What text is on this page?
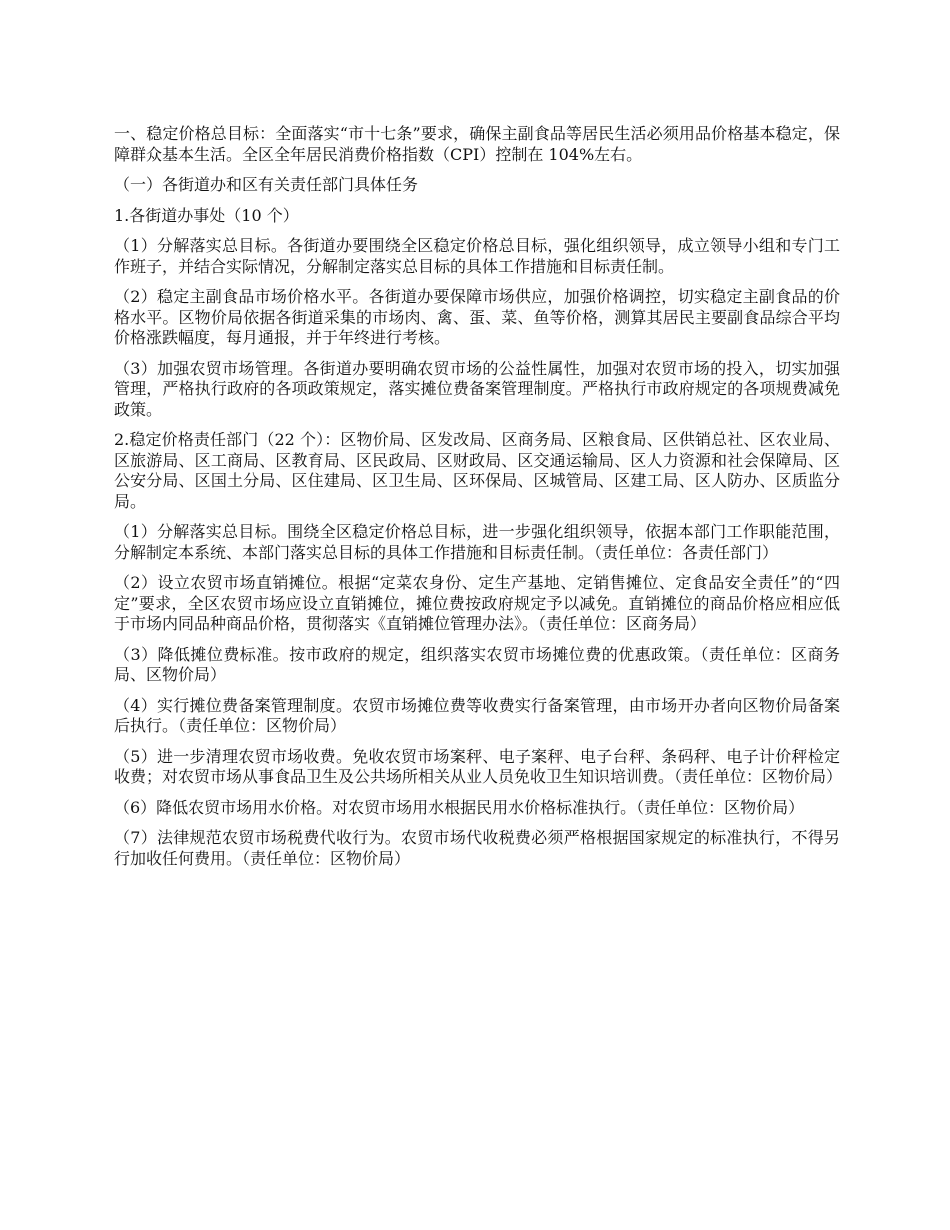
一、稳定价格总目标：全面落实“市十七条”要求，确保主副食品等居民生活必须用品价格基本稳定，保障群众基本生活。全区全年居民消费价格指数（CPI）控制在 104%左右。

（一）各街道办和区有关责任部门具体任务

1.各街道办事处（10 个）

（1）分解落实总目标。各街道办要围绕全区稳定价格总目标，强化组织领导，成立领导小组和专门工作班子，并结合实际情况，分解制定落实总目标的具体工作措施和目标责任制。

（2）稳定主副食品市场价格水平。各街道办要保障市场供应，加强价格调控，切实稳定主副食品的价格水平。区物价局依据各街道采集的市场肉、禽、蛋、菜、鱼等价格，测算其居民主要副食品综合平均价格涨跌幅度，每月通报，并于年终进行考核。

（3）加强农贸市场管理。各街道办要明确农贸市场的公益性属性，加强对农贸市场的投入，切实加强管理，严格执行政府的各项政策规定，落实摊位费备案管理制度。严格执行市政府规定的各项规费减免政策。

2.稳定价格责任部门（22 个）：区物价局、区发改局、区商务局、区粮食局、区供销总社、区农业局、区旅游局、区工商局、区教育局、区民政局、区财政局、区交通运输局、区人力资源和社会保障局、区公安分局、区国土分局、区住建局、区卫生局、区环保局、区城管局、区建工局、区人防办、区质监分局。

（1）分解落实总目标。围绕全区稳定价格总目标，进一步强化组织领导，依据本部门工作职能范围，分解制定本系统、本部门落实总目标的具体工作措施和目标责任制。（责任单位：各责任部门）

（2）设立农贸市场直销摊位。根据“定菜农身份、定生产基地、定销售摊位、定食品安全责任”的“四定”要求，全区农贸市场应设立直销摊位，摊位费按政府规定予以减免。直销摊位的商品价格应相应低于市场内同品种商品价格，贯彻落实《直销摊位管理办法》。（责任单位：区商务局）

（3）降低摊位费标准。按市政府的规定，组织落实农贸市场摊位费的优惠政策。（责任单位：区商务局、区物价局）

（4）实行摊位费备案管理制度。农贸市场摊位费等收费实行备案管理，由市场开办者向区物价局备案后执行。（责任单位：区物价局）

（5）进一步清理农贸市场收费。免收农贸市场案秤、电子案秤、电子台秤、条码秤、电子计价秤检定收费；对农贸市场从事食品卫生及公共场所相关从业人员免收卫生知识培训费。（责任单位：区物价局）

（6）降低农贸市场用水价格。对农贸市场用水根据民用水价格标准执行。（责任单位：区物价局）

（7）法律规范农贸市场税费代收行为。农贸市场代收税费必须严格根据国家规定的标准执行，不得另行加收任何费用。（责任单位：区物价局）
